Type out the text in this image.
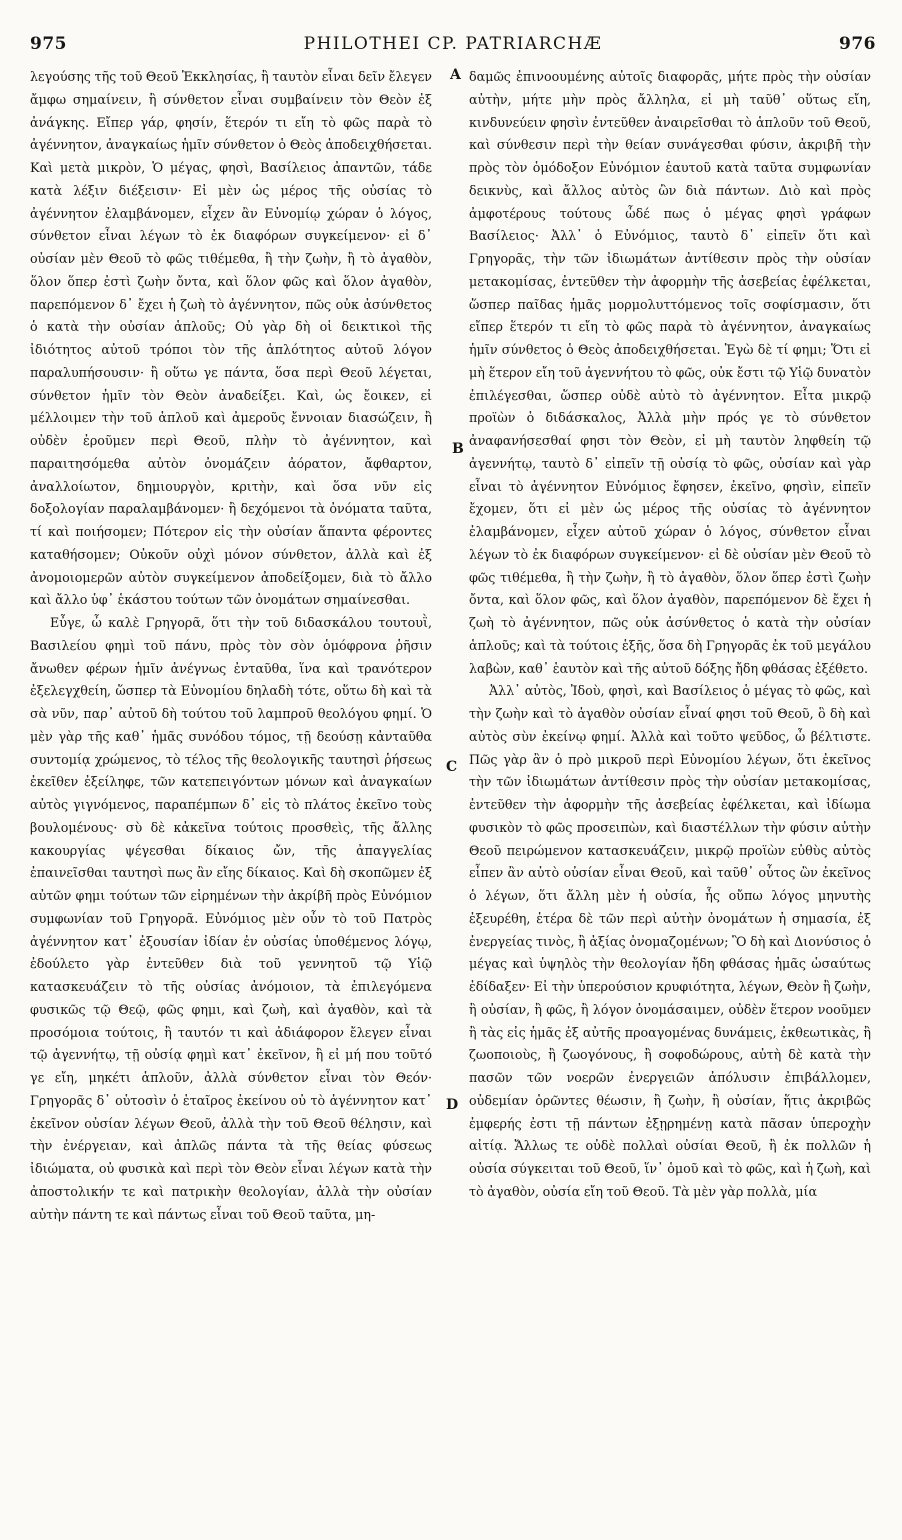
975	PHILOTHEI CP. PATRIARCHÆ	976

λεγούσης τῆς τοῦ Θεοῦ Ἐκκλησίας, ἢ ταυτὸν εἶναι δεῖν ἔλεγεν ἄμφω σημαίνειν, ἢ σύνθετον εἶναι συμβαίνειν τὸν Θεὸν ἐξ ἀνάγκης. Εἴπερ γάρ, φησίν, ἕτερόν τι εἴη τὸ φῶς παρὰ τὸ ἀγέννητον, ἀναγκαίως ἡμῖν σύνθετον ὁ Θεὸς ἀποδειχθήσεται. Καὶ μετὰ μικρὸν, Ὁ μέγας, φησὶ, Βασίλειος ἀπαντῶν, τάδε κατὰ λέξιν διέξεισιν· Εἰ μὲν ὡς μέρος τῆς οὐσίας τὸ ἀγέννητον ἐλαμβάνομεν, εἶχεν ἂν Εὐνομίῳ χώραν ὁ λόγος, σύνθετον εἶναι λέγων τὸ ἐκ διαφόρων συγκείμενον· εἰ δ᾽ οὐσίαν μὲν Θεοῦ τὸ φῶς τιθέμεθα, ἢ τὴν ζωὴν, ἢ τὸ ἀγαθὸν, ὅλον ὅπερ ἐστὶ ζωὴν ὄντα, καὶ ὅλον φῶς καὶ ὅλον ἀγαθὸν, παρεπόμενον δ᾽ ἔχει ἡ ζωὴ τὸ ἀγέννητον, πῶς οὐκ ἀσύνθετος ὁ κατὰ τὴν οὐσίαν ἁπλοῦς; Οὐ γὰρ δὴ οἱ δεικτικοὶ τῆς ἰδιότητος αὐτοῦ τρόποι τὸν τῆς ἁπλότητος αὐτοῦ λόγον παραλυπήσουσιν· ἢ οὕτω γε πάντα, ὅσα περὶ Θεοῦ λέγεται, σύνθετον ἡμῖν τὸν Θεὸν ἀναδείξει. Καὶ, ὡς ἔοικεν, εἰ μέλλοιμεν τὴν τοῦ ἁπλοῦ καὶ ἀμεροῦς ἔννοιαν διασώζειν, ἢ οὐδὲν ἐροῦμεν περὶ Θεοῦ, πλὴν τὸ ἀγέννητον, καὶ παραιτησόμεθα αὐτὸν ὀνομάζειν ἀόρατον, ἄφθαρτον, ἀναλλοίωτον, δημιουργὸν, κριτὴν, καὶ ὅσα νῦν εἰς δοξολογίαν παραλαμβάνομεν· ἢ δεχόμενοι τὰ ὀνόματα ταῦτα, τί καὶ ποιήσομεν; Πότερον εἰς τὴν οὐσίαν ἅπαντα φέροντες καταθήσομεν; Οὐκοῦν οὐχὶ μόνον σύνθετον, ἀλλὰ καὶ ἐξ ἀνομοιομερῶν αὐτὸν συγκείμενον ἀποδείξομεν, διὰ τὸ ἄλλο καὶ ἄλλο ὑφ᾽ ἑκάστου τούτων τῶν ὀνομάτων σημαίνεσθαι.

Εὖγε, ὦ καλὲ Γρηγορᾶ, ὅτι τὴν τοῦ διδασκάλου τουτουῒ, Βασιλείου φημὶ τοῦ πάνυ, πρὸς τὸν σὸν ὁμόφρονα ῥῆσιν ἄνωθεν φέρων ἡμῖν ἀνέγνως ἐνταῦθα, ἵνα καὶ τρανότερον ἐξελεγχθείη, ὥσπερ τὰ Εὐνομίου δηλαδὴ τότε, οὕτω δὴ καὶ τὰ σὰ νῦν, παρ᾽ αὐτοῦ δὴ τούτου τοῦ λαμπροῦ θεολόγου φημί. Ὁ μὲν γὰρ τῆς καθ᾽ ἡμᾶς συνόδου τόμος, τῇ δεούσῃ κἀνταῦθα συντομίᾳ χρώμενος, τὸ τέλος τῆς θεολογικῆς ταυτησὶ ῥήσεως ἐκεῖθεν ἐξείληφε, τῶν κατεπειγόντων μόνων καὶ ἀναγκαίων αὐτὸς γιγνόμενος, παραπέμπων δ᾽ εἰς τὸ πλάτος ἐκεῖνο τοὺς βουλομένους· σὺ δὲ κἀκεῖνα τούτοις προσθεὶς, τῆς ἄλλης κακουργίας ψέγεσθαι δίκαιος ὤν, τῆς ἀπαγγελίας ἐπαινεῖσθαι ταυτησὶ πως ἂν εἴης δίκαιος. Καὶ δὴ σκοπῶμεν ἐξ αὐτῶν φημι τούτων τῶν εἰρημένων τὴν ἀκρίβῆ πρὸς Εὐνόμιον συμφωνίαν τοῦ Γρηγορᾶ. Εὐνόμιος μὲν οὖν τὸ τοῦ Πατρὸς ἀγέννητον κατ᾽ ἐξουσίαν ἰδίαν ἐν οὐσίας ὑποθέμενος λόγῳ, ἐδούλετο γὰρ ἐντεῦθεν διὰ τοῦ γεννητοῦ τῷ Υἱῷ κατασκευάζειν τὸ τῆς οὐσίας ἀνόμοιον, τὰ ἐπιλεγόμενα φυσικῶς τῷ Θεῷ, φῶς φημι, καὶ ζωὴ, καὶ ἀγαθὸν, καὶ τὰ προσόμοια τούτοις, ἢ ταυτόν τι καὶ ἀδιάφορον ἔλεγεν εἶναι τῷ ἀγεννήτῳ, τῇ οὐσίᾳ φημὶ κατ᾽ ἐκεῖνον, ἢ εἰ μή που τοῦτό γε εἴη, μηκέτι ἁπλοῦν, ἀλλὰ σύνθετον εἶναι τὸν Θεόν· Γρηγορᾶς δ᾽ οὑτοσὶν ὁ ἑταῖρος ἐκείνου οὐ τὸ ἀγέννητον κατ᾽ ἐκεῖνον οὐσίαν λέγων Θεοῦ, ἀλλὰ τὴν τοῦ Θεοῦ θέλησιν, καὶ τὴν ἐνέργειαν, καὶ ἁπλῶς πάντα τὰ τῆς θείας φύσεως ἰδιώματα, οὐ φυσικὰ καὶ περὶ τὸν Θεὸν εἶναι λέγων κατὰ τὴν ἀποστολικήν τε καὶ πατρικὴν θεολογίαν, ἀλλὰ τὴν οὐσίαν αὐτὴν πάντη τε καὶ πάντως εἶναι τοῦ Θεοῦ ταῦτα, μη-

δαμῶς ἐπινοουμένης αὐτοῖς διαφορᾶς, μήτε πρὸς τὴν οὐσίαν αὐτὴν, μήτε μὴν πρὸς ἄλληλα, εἰ μὴ ταῦθ᾽ οὕτως εἴη, κινδυνεύειν φησὶν ἐντεῦθεν ἀναιρεῖσθαι τὸ ἁπλοῦν τοῦ Θεοῦ, καὶ σύνθεσιν περὶ τὴν θείαν συνάγεσθαι φύσιν, ἀκριβῆ τὴν πρὸς τὸν ὁμόδοξον Εὐνόμιον ἑαυτοῦ κατὰ ταῦτα συμφωνίαν δεικνὺς, καὶ ἄλλος αὐτὸς ὢν διὰ πάντων. Διὸ καὶ πρὸς ἀμφοτέρους τούτους ὧδέ πως ὁ μέγας φησὶ γράφων Βασίλειος· Ἀλλ᾽ ὁ Εὐνόμιος, ταυτὸ δ᾽ εἰπεῖν ὅτι καὶ Γρηγορᾶς, τὴν τῶν ἰδιωμάτων ἀντίθεσιν πρὸς τὴν οὐσίαν μετακομίσας, ἐντεῦθεν τὴν ἀφορμὴν τῆς ἀσεβείας ἐφέλκεται, ὥσπερ παῖδας ἡμᾶς μορμολυττόμενος τοῖς σοφίσμασιν, ὅτι εἴπερ ἕτερόν τι εἴη τὸ φῶς παρὰ τὸ ἀγέννητον, ἀναγκαίως ἡμῖν σύνθετος ὁ Θεὸς ἀποδειχθήσεται. Ἐγὼ δὲ τί φημι; Ὅτι εἰ μὴ ἕτερον εἴη τοῦ ἀγεννήτου τὸ φῶς, οὐκ ἔστι τῷ Υἱῷ δυνατὸν ἐπιλέγεσθαι, ὥσπερ οὐδὲ αὐτὸ τὸ ἀγέννητον. Εἶτα μικρῷ προϊὼν ὁ διδάσκαλος, Ἀλλὰ μὴν πρός γε τὸ σύνθετον ἀναφανήσεσθαί φησι τὸν Θεὸν, εἰ μὴ ταυτὸν ληφθείη τῷ ἀγεννήτῳ, ταυτὸ δ᾽ εἰπεῖν τῇ οὐσίᾳ τὸ φῶς, οὐσίαν καὶ γὰρ εἶναι τὸ ἀγέννητον Εὐνόμιος ἔφησεν, ἐκεῖνο, φησὶν, εἰπεῖν ἔχομεν, ὅτι εἰ μὲν ὡς μέρος τῆς οὐσίας τὸ ἀγέννητον ἐλαμβάνομεν, εἶχεν αὐτοῦ χώραν ὁ λόγος, σύνθετον εἶναι λέγων τὸ ἐκ διαφόρων συγκείμενον· εἰ δὲ οὐσίαν μὲν Θεοῦ τὸ φῶς τιθέμεθα, ἢ τὴν ζωὴν, ἢ τὸ ἀγαθὸν, ὅλον ὅπερ ἐστὶ ζωὴν ὄντα, καὶ ὅλον φῶς, καὶ ὅλον ἀγαθὸν, παρεπόμενον δὲ ἔχει ἡ ζωὴ τὸ ἀγέννητον, πῶς οὐκ ἀσύνθετος ὁ κατὰ τὴν οὐσίαν ἁπλοῦς; καὶ τὰ τούτοις ἑξῆς, ὅσα δὴ Γρηγορᾶς ἐκ τοῦ μεγάλου λαβὼν, καθ᾽ ἑαυτὸν καὶ τῆς αὐτοῦ δόξης ἤδη φθάσας ἐξέθετο.

Ἀλλ᾽ αὐτὸς, Ἰδοὺ, φησὶ, καὶ Βασίλειος ὁ μέγας τὸ φῶς, καὶ τὴν ζωὴν καὶ τὸ ἀγαθὸν οὐσίαν εἶναί φησι τοῦ Θεοῦ, ὃ δὴ καὶ αὐτὸς σὺν ἐκείνῳ φημί. Ἀλλὰ καὶ τοῦτο ψεῦδος, ὦ βέλτιστε. Πῶς γὰρ ἂν ὁ πρὸ μικροῦ περὶ Εὐνομίου λέγων, ὅτι ἐκεῖνος τὴν τῶν ἰδιωμάτων ἀντίθεσιν πρὸς τὴν οὐσίαν μετακομίσας, ἐντεῦθεν τὴν ἀφορμὴν τῆς ἀσεβείας ἐφέλκεται, καὶ ἰδίωμα φυσικὸν τὸ φῶς προσειπὼν, καὶ διαστέλλων τὴν φύσιν αὐτὴν Θεοῦ πειρώμενον κατασκευάζειν, μικρῷ προϊὼν εὐθὺς αὐτὸς εἶπεν ἂν αὐτὸ οὐσίαν εἶναι Θεοῦ, καὶ ταῦθ᾽ οὗτος ὢν ἐκεῖνος ὁ λέγων, ὅτι ἄλλη μὲν ἡ οὐσία, ἧς οὔπω λόγος μηνυτὴς ἐξευρέθη, ἑτέρα δὲ τῶν περὶ αὐτὴν ὀνομάτων ἡ σημασία, ἐξ ἐνεργείας τινὸς, ἢ ἀξίας ὀνομαζομένων; Ὃ δὴ καὶ Διονύσιος ὁ μέγας καὶ ὑψηλὸς τὴν θεολογίαν ἤδη φθάσας ἡμᾶς ὡσαύτως ἐδίδαξεν· Εἰ τὴν ὑπερούσιον κρυφιότητα, λέγων, Θεὸν ἢ ζωὴν, ἢ οὐσίαν, ἢ φῶς, ἢ λόγον ὀνομάσαιμεν, οὐδὲν ἕτερον νοοῦμεν ἢ τὰς εἰς ἡμᾶς ἐξ αὐτῆς προαγομένας δυνάμεις, ἐκθεωτικὰς, ἢ ζωοποιοὺς, ἢ ζωογόνους, ἢ σοφοδώρους, αὐτὴ δὲ κατὰ τὴν πασῶν τῶν νοερῶν ἐνεργειῶν ἀπόλυσιν ἐπιβάλλομεν, οὐδεμίαν ὁρῶντες θέωσιν, ἢ ζωὴν, ἢ οὐσίαν, ἥτις ἀκριβῶς ἐμφερής ἐστι τῇ πάντων ἐξῃρημένῃ κατὰ πᾶσαν ὑπεροχὴν αἰτίᾳ. Ἄλλως τε οὐδὲ πολλαὶ οὐσίαι Θεοῦ, ἢ ἐκ πολλῶν ἡ οὐσία σύγκειται τοῦ Θεοῦ, ἵν᾽ ὁμοῦ καὶ τὸ φῶς, καὶ ἡ ζωὴ, καὶ τὸ ἀγαθὸν, οὐσία εἴη τοῦ Θεοῦ. Τὰ μὲν γὰρ πολλὰ, μία

A
B
C
D
